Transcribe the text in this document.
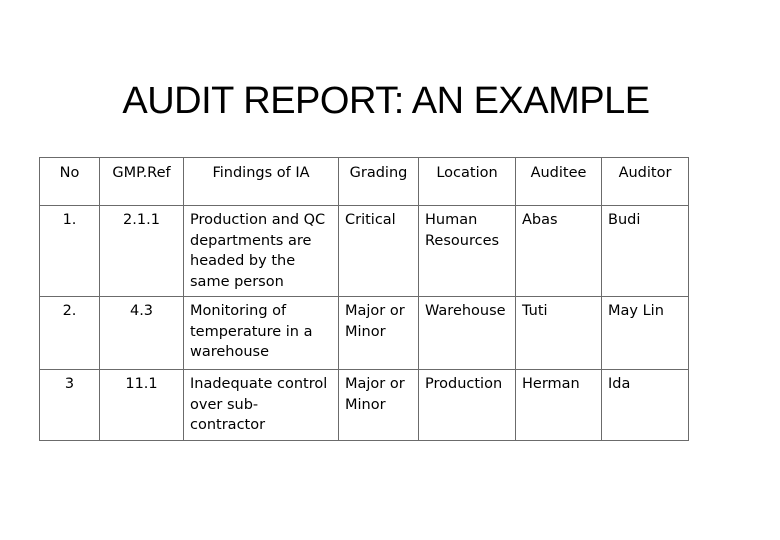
AUDIT REPORT: AN EXAMPLE
No	GMP.Ref	Findings of IA	Grading	Location	Auditee	Auditor
1.	2.1.1	Production and QC departments are headed by the same person	Critical	Human Resources	Abas	Budi
2.	4.3	Monitoring of temperature in a warehouse	Major or Minor	Warehouse	Tuti	May Lin
3	11.1	Inadequate control over sub-contractor	Major or Minor	Production	Herman	Ida
